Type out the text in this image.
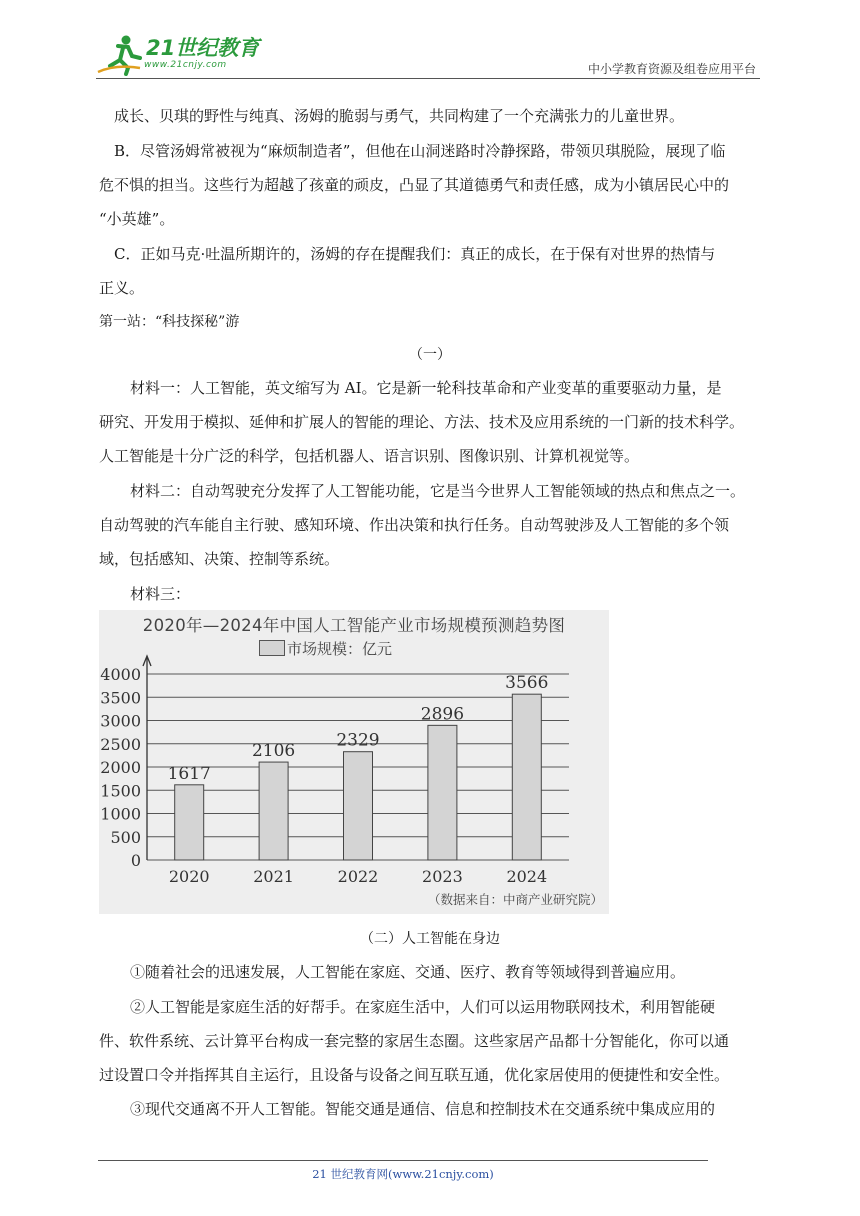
21世纪教育
www.21cnjy.com	中小学教育资源及组卷应用平台
成长、贝琪的野性与纯真、汤姆的脆弱与勇气，共同构建了一个充满张力的儿童世界。
B．尽管汤姆常被视为“麻烦制造者”，但他在山洞迷路时冷静探路，带领贝琪脱险，展现了临
危不惧的担当。这些行为超越了孩童的顽皮，凸显了其道德勇气和责任感，成为小镇居民心中的
“小英雄”。
C．正如马克·吐温所期许的，汤姆的存在提醒我们：真正的成长，在于保有对世界的热情与
正义。
第一站：“科技探秘”游
（一）
材料一：人工智能，英文缩写为 AI。它是新一轮科技革命和产业变革的重要驱动力量，是
研究、开发用于模拟、延伸和扩展人的智能的理论、方法、技术及应用系统的一门新的技术科学。
人工智能是十分广泛的科学，包括机器人、语言识别、图像识别、计算机视觉等。
材料二：自动驾驶充分发挥了人工智能功能，它是当今世界人工智能领域的热点和焦点之一。
自动驾驶的汽车能自主行驶、感知环境、作出决策和执行任务。自动驾驶涉及人工智能的多个领
域，包括感知、决策、控制等系统。
材料三：
2020年—2024年中国人工智能产业市场规模预测趋势图
市场规模：亿元
0
500
1000
1500
2000
2500
3000
3500
4000
1617
2020
2106
2021
2329
2022
2896
2023
3566
2024
（数据来自：中商产业研究院）
（二）人工智能在身边
①随着社会的迅速发展，人工智能在家庭、交通、医疗、教育等领域得到普遍应用。
②人工智能是家庭生活的好帮手。在家庭生活中，人们可以运用物联网技术，利用智能硬
件、软件系统、云计算平台构成一套完整的家居生态圈。这些家居产品都十分智能化，你可以通
过设置口令并指挥其自主运行，且设备与设备之间互联互通，优化家居使用的便捷性和安全性。
③现代交通离不开人工智能。智能交通是通信、信息和控制技术在交通系统中集成应用的
21 世纪教育网(www.21cnjy.com)
